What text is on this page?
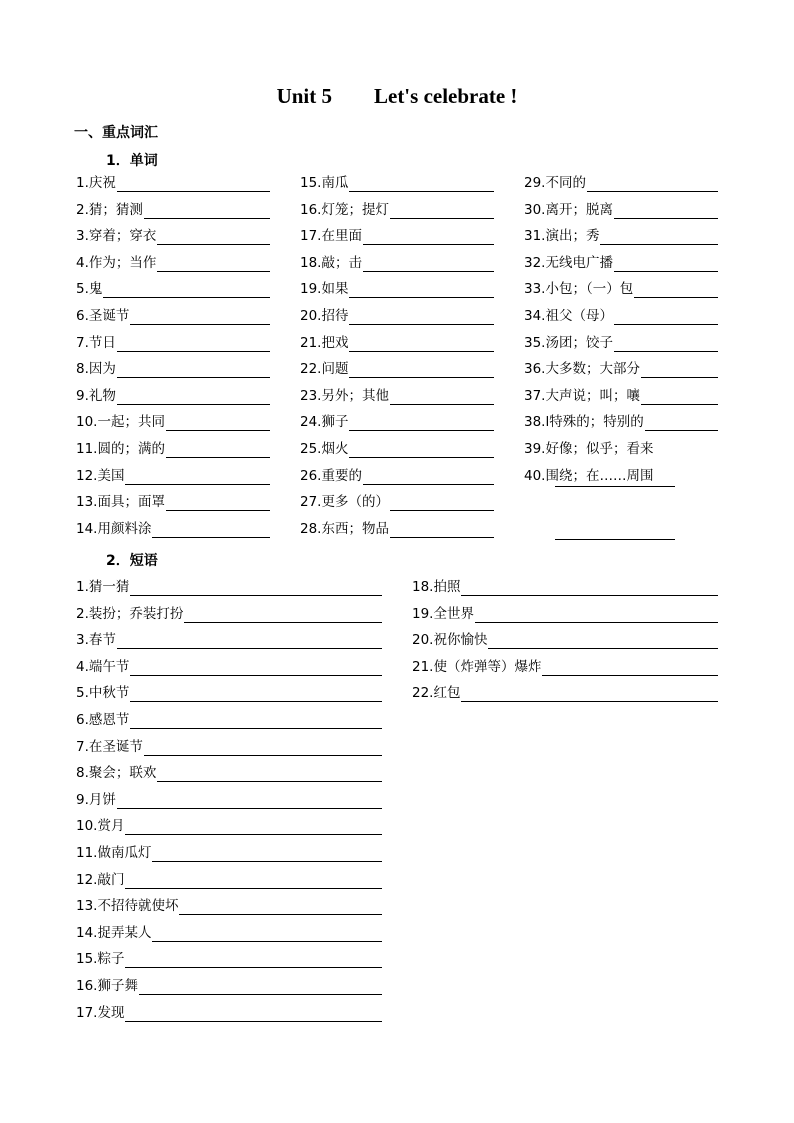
Unit 5        Let's celebrate !
一、重点词汇
1．单词
2．短语
1. 庆祝
2. 猜；猜测
3. 穿着；穿衣
4. 作为；当作
5. 鬼
6. 圣诞节
7. 节日
8. 因为
9. 礼物
10. 一起；共同
11. 圆的；满的
12. 美国
13. 面具；面罩
14. 用颜料涂
15. 南瓜
16. 灯笼；提灯
17. 在里面
18. 敲；击
19. 如果
20. 招待
21. 把戏
22. 问题
23. 另外；其他
24. 狮子
25. 烟火
26. 重要的
27. 更多（的）
28. 东西；物品
29. 不同的
30. 离开；脱离
31. 演出；秀
32. 无线电广播
33. 小包；（一）包
34. 祖父（母）
35. 汤团；饺子
36. 大多数；大部分
37. 大声说；叫；嚷
38. l特殊的；特别的
39. 好像；似乎；看来
40. 围绕；在……周围
1. 猜一猜
2. 装扮；乔装打扮
3. 春节
4. 端午节
5. 中秋节
6. 感恩节
7. 在圣诞节
8. 聚会；联欢
9. 月饼
10. 赏月
11. 做南瓜灯
12. 敲门
13. 不招待就使坏
14. 捉弄某人
15. 粽子
16. 狮子舞
17. 发现
18. 拍照
19. 全世界
20. 祝你愉快
21. 使（炸弹等）爆炸
22. 红包
